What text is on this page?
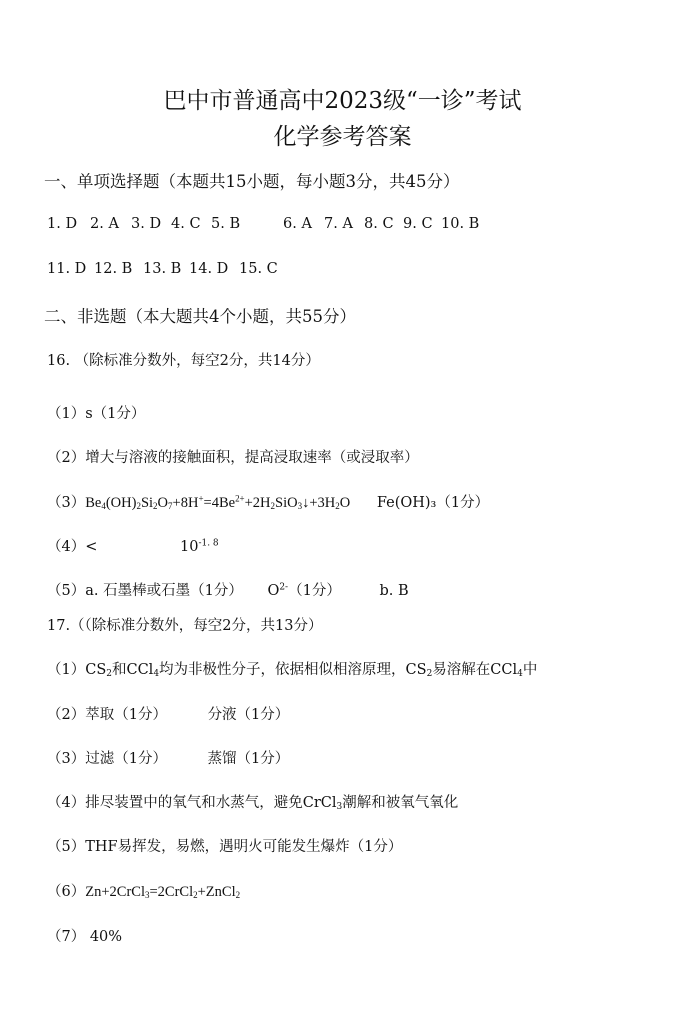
巴中市普通高中2023级“一诊”考试
化学参考答案
一、单项选择题（本题共15小题，每小题3分，共45分）
1. D 2. A 3. D 4. C 5. B	6. A 7. A 8. C 9. C 10. B
11. D 12. B 13. B 14. D 15. C
二、非选题（本大题共4个小题，共55分）
16. （除标准分数外，每空2分，共14分）
（1）s（1分）
（2）增大与溶液的接触面积，提高浸取速率（或浸取率）
$(3)Be_4(OH)_2Si_2O_7+8H^+=4Be^{2+}+2H_2SiO_3↓+3H_2O$ Fe(OH)₃（1分）
（4）<	$10^{-1. 8}$
（5）a. 石墨棒或石墨（1分） $O^{2-}(1$分）	b. B
17.（（除标准分数外，每空2分，共13分）
$(1)CS_2$和CCl$_4$均为非极性分子，依据相似相溶原理，$CS_2$易溶解在CCl$_4$中
（2）萃取（1分）	分液（1分）
（3）过滤（1分）	蒸馏（1分）
（4）排尽装置中的氧气和水蒸气，避免CrCl$_3$潮解和被氧气氧化
（5）THF易挥发，易燃，遇明火可能发生爆炸（1分）
（6）Zn+2CrCl$_3$=2CrCl$_2$+ZnCl$_2$
（7） 40%
